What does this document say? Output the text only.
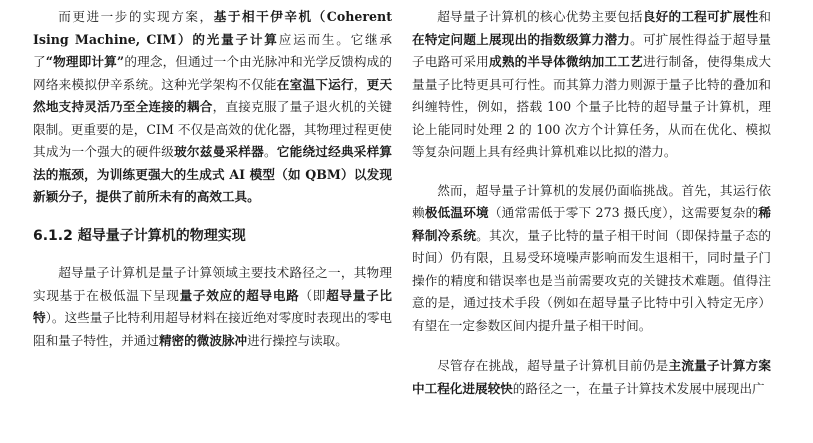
而更进一步的实现方案，基于相干伊辛机（Coherent Ising Machine, CIM）的光量子计算应运而生。它继承了“物理即计算”的理念，但通过一个由光脉冲和光学反馈构成的网络来模拟伊辛系统。这种光学架构不仅能在室温下运行，更天然地支持灵活乃至全连接的耦合，直接克服了量子退火机的关键限制。更重要的是，CIM 不仅是高效的优化器，其物理过程更使其成为一个强大的硬件级玻尔兹曼采样器。它能绕过经典采样算法的瓶颈，为训练更强大的生成式 AI 模型（如 QBM）以发现新颖分子，提供了前所未有的高效工具。

6.1.2 超导量子计算机的物理实现

超导量子计算机是量子计算领域主要技术路径之一，其物理实现基于在极低温下呈现量子效应的超导电路（即超导量子比特）。这些量子比特利用超导材料在接近绝对零度时表现出的零电阻和量子特性，并通过精密的微波脉冲进行操控与读取。

超导量子计算机的核心优势主要包括良好的工程可扩展性和在特定问题上展现出的指数级算力潜力。可扩展性得益于超导量子电路可采用成熟的半导体微纳加工工艺进行制备，使得集成大量量子比特更具可行性。而其算力潜力则源于量子比特的叠加和纠缠特性，例如，搭载 100 个量子比特的超导量子计算机，理论上能同时处理 2 的 100 次方个计算任务，从而在优化、模拟等复杂问题上具有经典计算机难以比拟的潜力。

然而，超导量子计算机的发展仍面临挑战。首先，其运行依赖极低温环境（通常需低于零下 273 摄氏度），这需要复杂的稀释制冷系统。其次，量子比特的量子相干时间（即保持量子态的时间）仍有限，且易受环境噪声影响而发生退相干，同时量子门操作的精度和错误率也是当前需要攻克的关键技术难题。值得注意的是，通过技术手段（例如在超导量子比特中引入特定无序）有望在一定参数区间内提升量子相干时间。

尽管存在挑战，超导量子计算机目前仍是主流量子计算方案中工程化进展较快的路径之一，在量子计算技术发展中展现出广
